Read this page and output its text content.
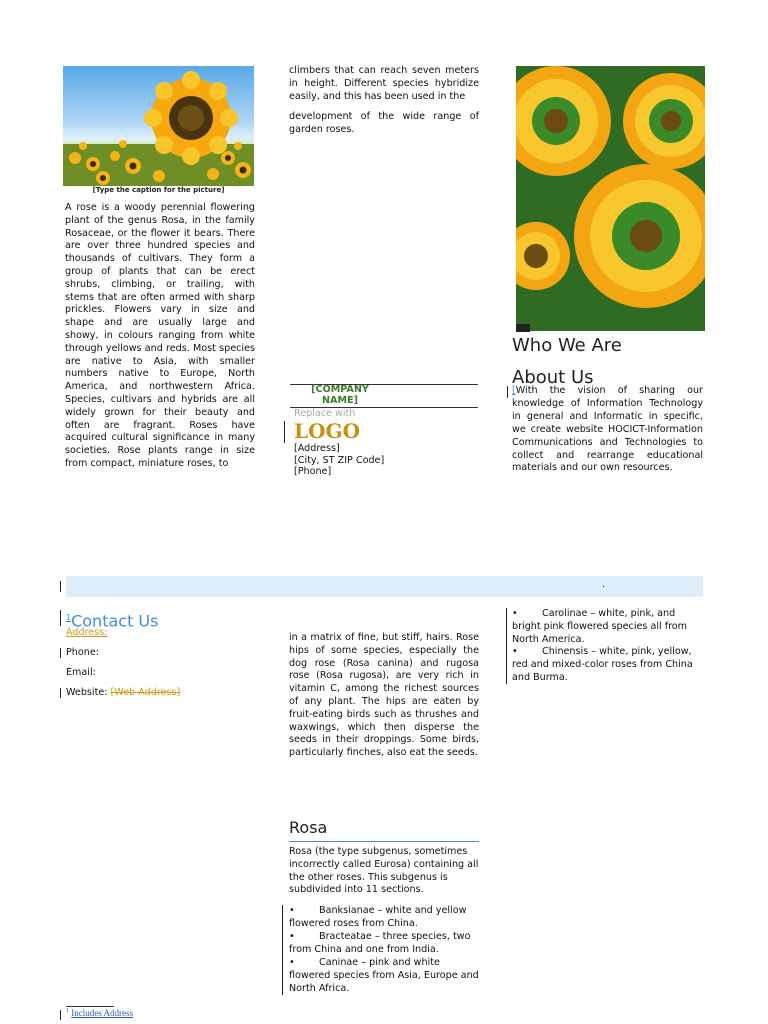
[Type the caption for the picture]
A rose is a woody perennial flowering plant of the genus Rosa, in the family Rosaceae, or the flower it bears. There are over three hundred species and thousands of cultivars. They form a group of plants that can be erect shrubs, climbing, or trailing, with stems that are often armed with sharp prickles. Flowers vary in size and shape and are usually large and showy, in colours ranging from white through yellows and reds. Most species are native to Asia, with smaller numbers native to Europe, North America, and northwestern Africa. Species, cultivars and hybrids are all widely grown for their beauty and often are fragrant. Roses have acquired cultural significance in many societies. Rose plants range in size from compact, miniature roses, to
climbers that can reach seven meters in height. Different species hybridize easily, and this has been used in the
development of the wide range of garden roses.
[COMPANY
NAME]
Replace with
LOGO
[Address]
[City, ST ZIP Code]
[Phone]
Who We Are
About Us
[With the vision of sharing our knowledge of Information Technology in general and Informatic in specific, we create website HOCICT-Information Communications and Technologies to collect and rearrange educational materials and our own resources.
.
$^1$Contact Us
Address:
Phone:
Email:
Website: [Web Address]
in a matrix of fine, but stiff, hairs. Rose hips of some species, especially the dog rose (Rosa canina) and rugosa rose (Rosa rugosa), are very rich in vitamin C, among the richest sources of any plant. The hips are eaten by fruit-eating birds such as thrushes and waxwings, which then disperse the seeds in their droppings. Some birds, particularly finches, also eat the seeds.
Rosa
Rosa (the type subgenus, sometimes incorrectly called Eurosa) containing all the other roses. This subgenus is subdivided into 11 sections.
•	Banksianae – white and yellow flowered roses from China.
•	Bracteatae – three species, two from China and one from India.
•	Caninae – pink and white flowered species from Asia, Europe and North Africa.
•	Carolinae – white, pink, and bright pink flowered species all from North America.
•	Chinensis – white, pink, yellow, red and mixed-color roses from China and Burma.
$^1$ Includes Address
